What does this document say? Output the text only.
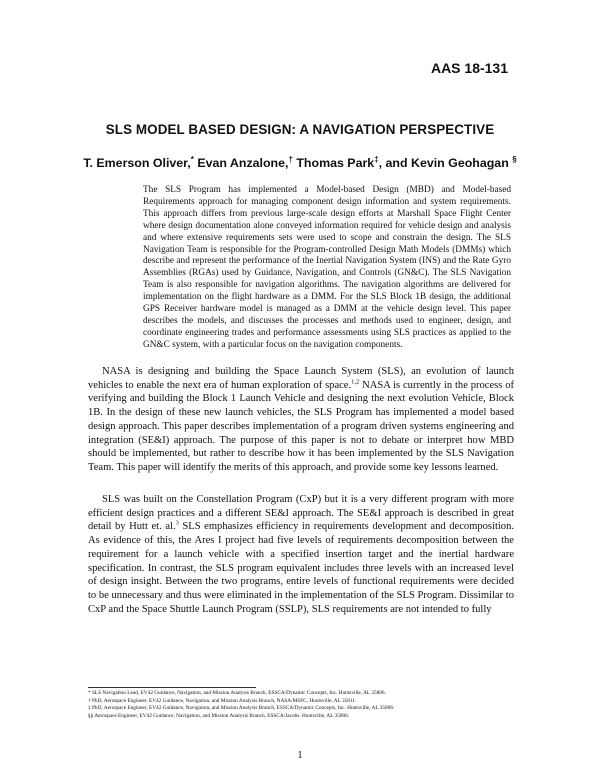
AAS 18-131
SLS MODEL BASED DESIGN: A NAVIGATION PERSPECTIVE
T. Emerson Oliver,* Evan Anzalone,† Thomas Park‡, and Kevin Geohagan §
The SLS Program has implemented a Model-based Design (MBD) and Model-based Requirements approach for managing component design information and system requirements. This approach differs from previous large-scale design efforts at Marshall Space Flight Center where design documentation alone conveyed information required for vehicle design and analysis and where extensive requirements sets were used to scope and constrain the design. The SLS Navigation Team is responsible for the Program-controlled Design Math Models (DMMs) which describe and represent the performance of the Inertial Navigation System (INS) and the Rate Gyro Assemblies (RGAs) used by Guidance, Navigation, and Controls (GN&C). The SLS Navigation Team is also responsible for navigation algorithms. The navigation algorithms are delivered for implementation on the flight hardware as a DMM. For the SLS Block 1B design, the additional GPS Receiver hardware model is managed as a DMM at the vehicle design level. This paper describes the models, and discusses the processes and methods used to engineer, design, and coordinate engineering trades and performance assessments using SLS practices as applied to the GN&C system, with a particular focus on the navigation components.

NASA is designing and building the Space Launch System (SLS), an evolution of launch vehicles to enable the next era of human exploration of space.$^{1,2}$ NASA is currently in the process of verifying and building the Block 1 Launch Vehicle and designing the next evolution Vehicle, Block 1B. In the design of these new launch vehicles, the SLS Program has implemented a model based design approach. This paper describes implementation of a program driven systems engineering and integration (SE&I) approach. The purpose of this paper is not to debate or interpret how MBD should be implemented, but rather to describe how it has been implemented by the SLS Navigation Team. This paper will identify the merits of this approach, and provide some key lessons learned.

SLS was built on the Constellation Program (CxP) but it is a very different program with more efficient design practices and a different SE&I approach. The SE&I approach is described in great detail by Hutt et. al.$^3$ SLS emphasizes efficiency in requirements development and decomposition. As evidence of this, the Ares I project had five levels of requirements decomposition between the requirement for a launch vehicle with a specified insertion target and the inertial hardware specification. In contrast, the SLS program equivalent includes three levels with an increased level of design insight. Between the two programs, entire levels of functional requirements were decided to be unnecessary and thus were eliminated in the implementation of the SLS Program. Dissimilar to CxP and the Space Shuttle Launch Program (SSLP), SLS requirements are not intended to fully

* SLS Navigation Lead, EV42 Guidance, Navigation, and Mission Analysis Branch, ESSCA/Dynamic Concepts, Inc. Huntsville, AL 35806.
† PhD, Aerospace Engineer, EV42 Guidance, Navigation, and Mission Analysis Branch, NASA/MSFC, Huntsville, AL 35811.
‡ PhD, Aerospace Engineer, EV42 Guidance, Navigation, and Mission Analysis Branch, ESSCA/Dynamic Concepts, Inc. Huntsville, AL 35806.
§§ Aerospace Engineer, EV42 Guidance, Navigation, and Mission Analysis Branch, ESSCA/Jacobs. Huntsville, AL 35806.
1
